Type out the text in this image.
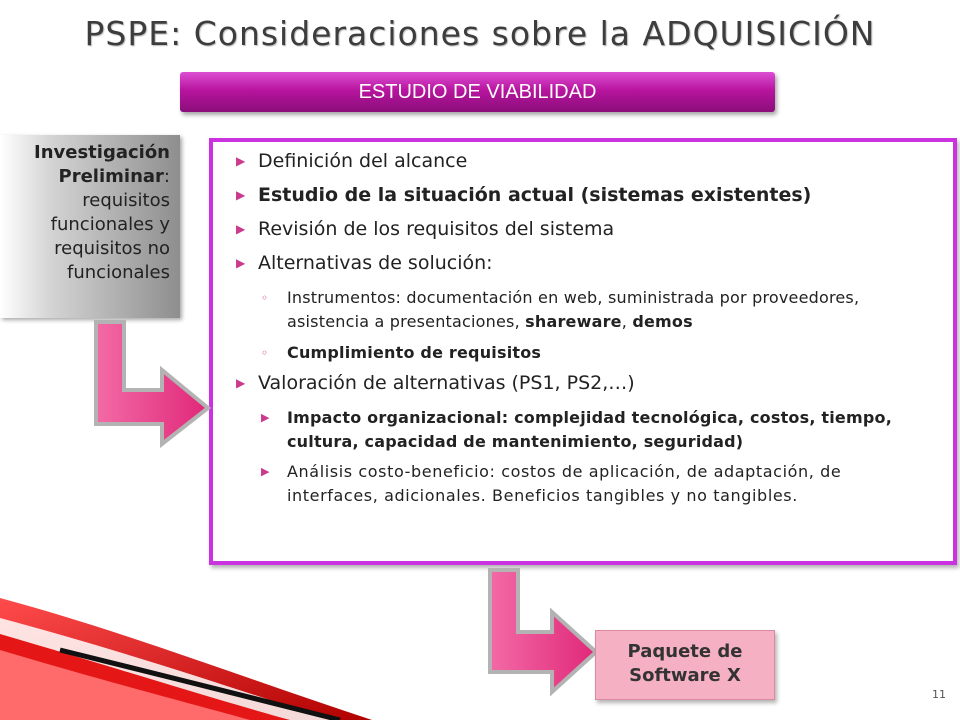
PSPE: Consideraciones sobre la ADQUISICIÓN
ESTUDIO DE VIABILIDAD
Investigación Preliminar: requisitos funcionales y requisitos no funcionales
▶ Definición del alcance
▶ Estudio de la situación actual (sistemas existentes)
▶ Revisión de los requisitos del sistema
▶ Alternativas de solución:
◦ Instrumentos: documentación en web, suministrada por proveedores, asistencia a presentaciones, shareware, demos
◦ Cumplimiento de requisitos
▶ Valoración de alternativas (PS1, PS2,…)
▶ Impacto organizacional: complejidad tecnológica, costos, tiempo, cultura, capacidad de mantenimiento, seguridad)
▶ Análisis costo-beneficio: costos de aplicación, de adaptación, de interfaces, adicionales. Beneficios tangibles y no tangibles.
Paquete de
Software X
11
